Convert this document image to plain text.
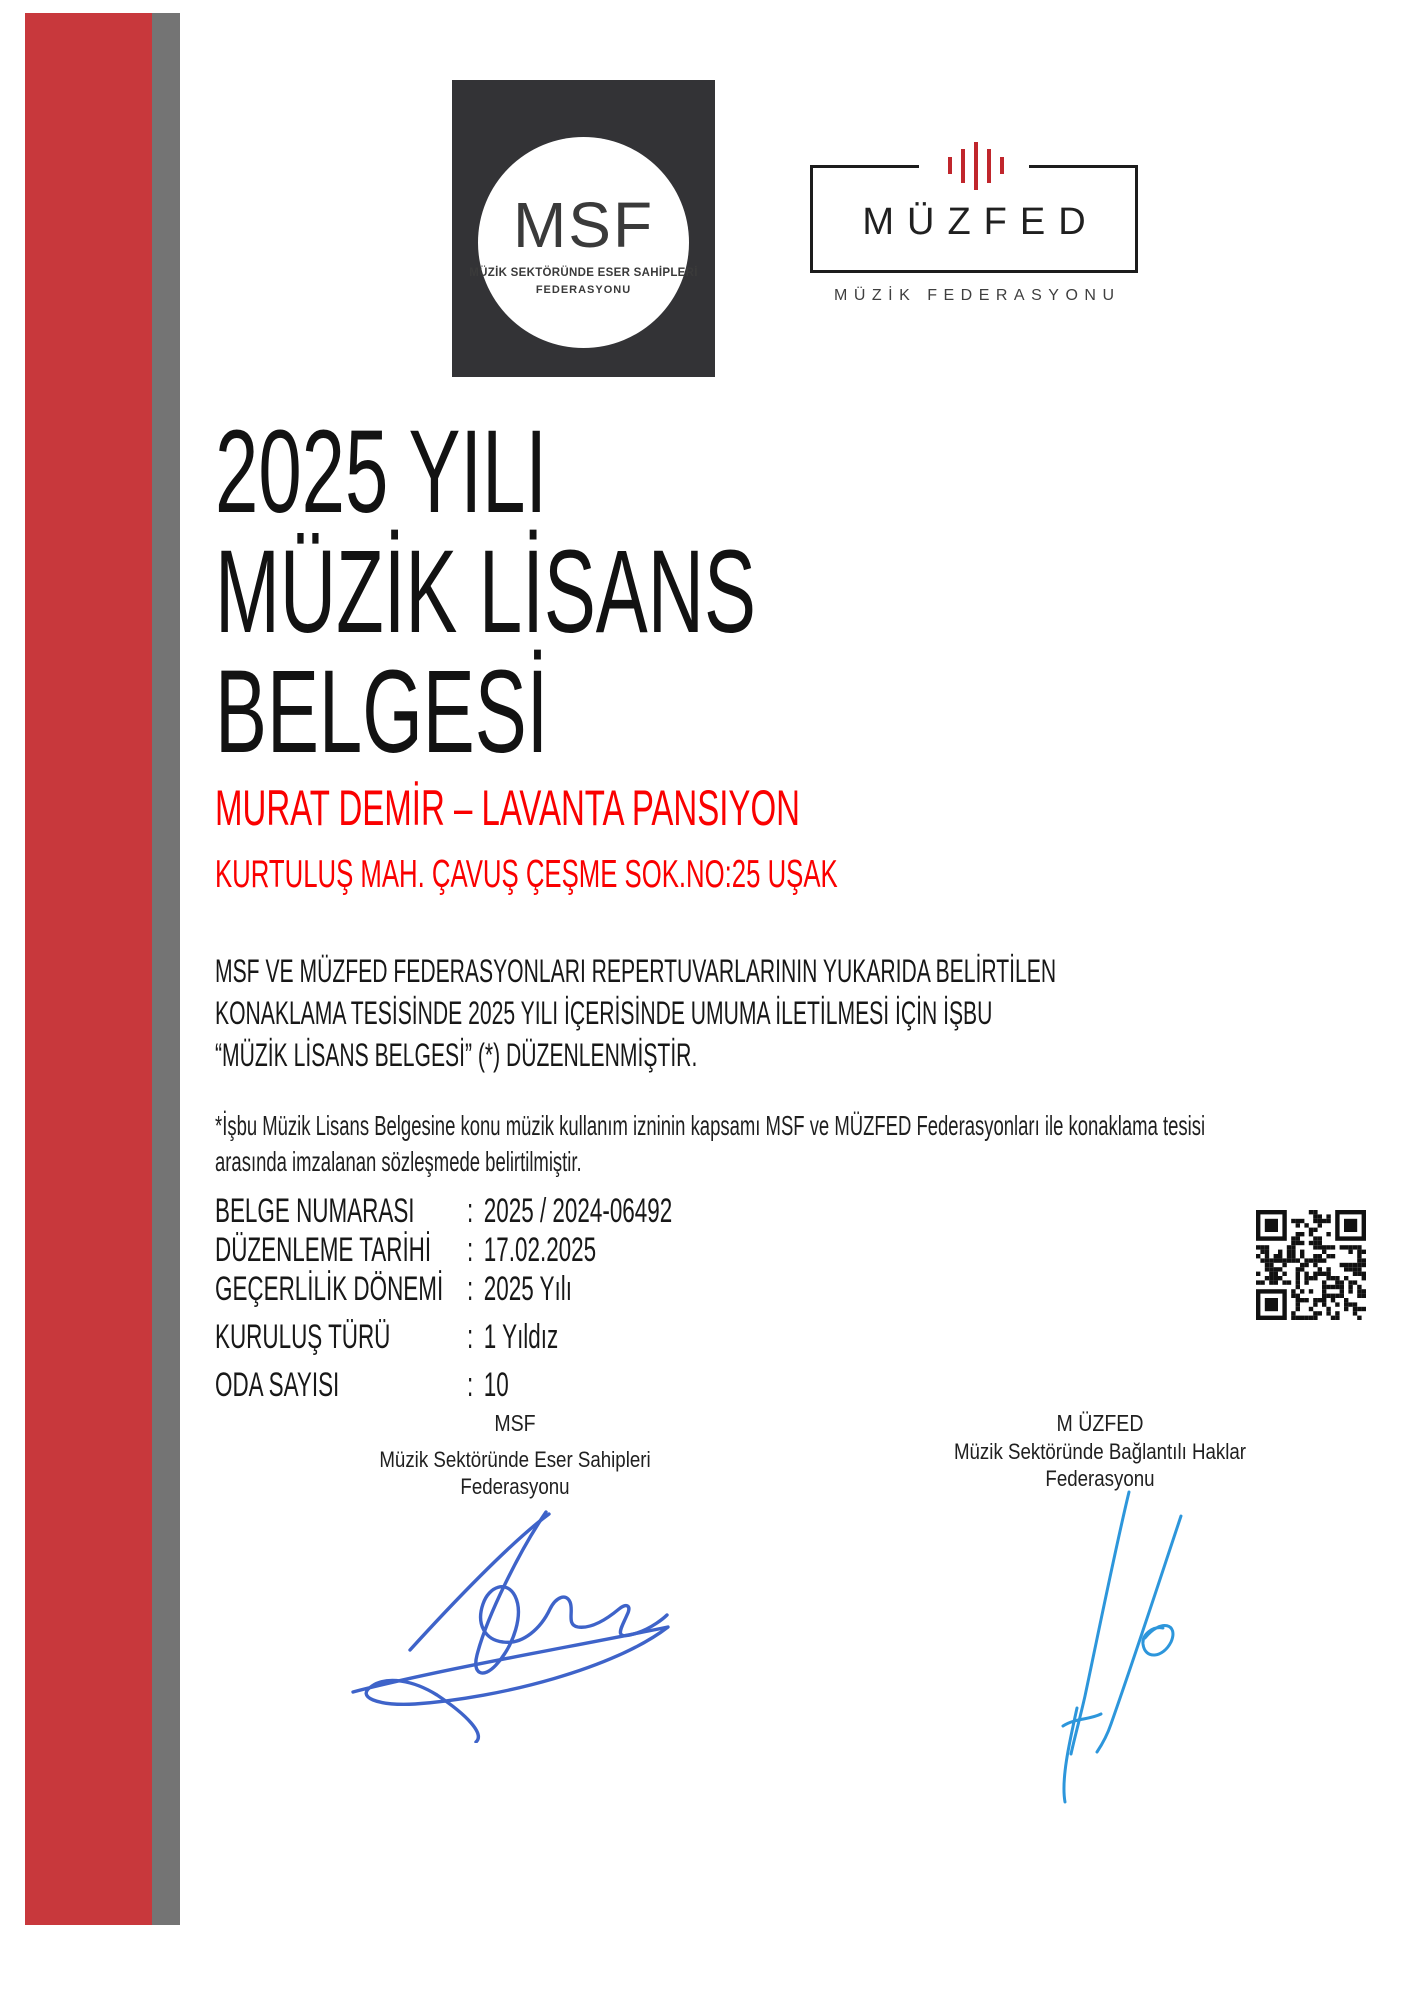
MSF
MÜZİK SEKTÖRÜNDE ESER SAHİPLERİ
FEDERASYONU
MÜZFED
MÜZİK FEDERASYONU
2025 YILI
MÜZİK LİSANS
BELGESİ
MURAT DEMİR – LAVANTA PANSIYON
KURTULUŞ MAH. ÇAVUŞ ÇEŞME SOK.NO:25 UŞAK
MSF VE MÜZFED FEDERASYONLARI REPERTUVARLARININ YUKARIDA BELİRTİLEN
KONAKLAMA TESİSİNDE 2025 YILI İÇERİSİNDE UMUMA İLETİLMESİ İÇİN İŞBU
“MÜZİK LİSANS BELGESİ” (*) DÜZENLENMİŞTİR.
*İşbu Müzik Lisans Belgesine konu müzik kullanım izninin kapsamı MSF ve MÜZFED Federasyonları ile konaklama tesisi
arasında imzalanan sözleşmede belirtilmiştir.
BELGE NUMARASI	: 2025 / 2024-06492
DÜZENLEME TARİHİ	: 17.02.2025
GEÇERLİLİK DÖNEMİ : 2025 Yılı
KURULUŞ TÜRÜ	: 1 Yıldız
ODA SAYISI	: 10
MSF
Müzik Sektöründe Eser Sahipleri
Federasyonu
M ÜZFED
Müzik Sektöründe Bağlantılı Haklar
Federasyonu
